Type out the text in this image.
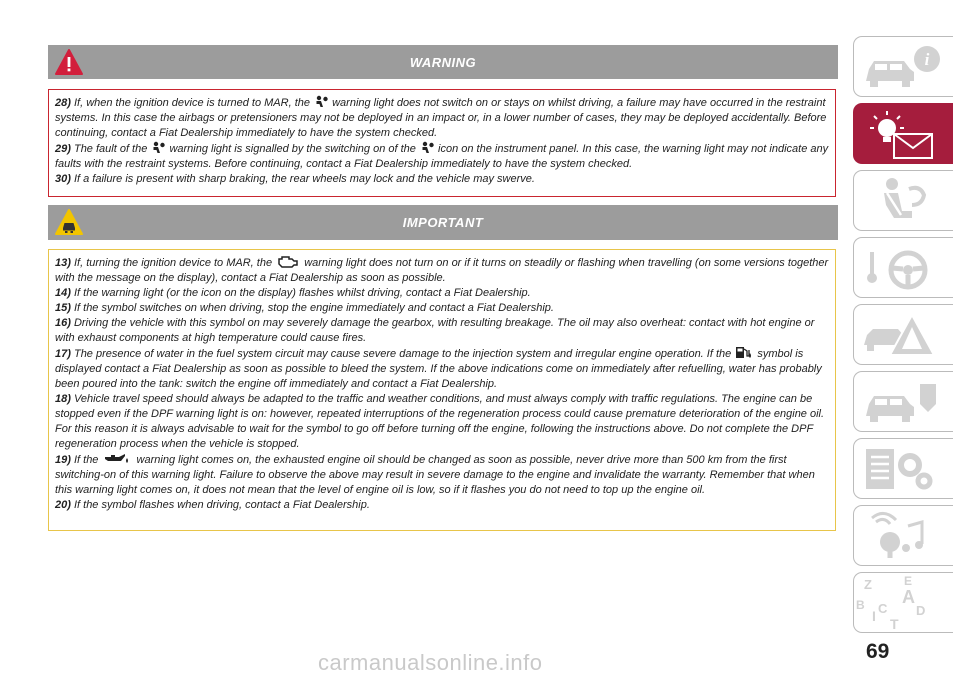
WARNING

28) If, when the ignition device is turned to MAR, the  warning light does not switch on or stays on whilst driving, a failure may have occurred in the restraint systems. In this case the airbags or pretensioners may not be deployed in an impact or, in a lower number of cases, they may be deployed accidentally. Before continuing, contact a Fiat Dealership immediately to have the system checked.

29) The fault of the  warning light is signalled by the switching on of the  icon on the instrument panel. In this case, the warning light may not indicate any faults with the restraint systems. Before continuing, contact a Fiat Dealership immediately to have the system checked.

30) If a failure is present with sharp braking, the rear wheels may lock and the vehicle may swerve.

IMPORTANT

13) If, turning the ignition device to MAR, the  warning light does not turn on or if it turns on steadily or flashing when travelling (on some versions together with the message on the display), contact a Fiat Dealership as soon as possible.

14) If the warning light (or the icon on the display) flashes whilst driving, contact a Fiat Dealership.

15) If the symbol switches on when driving, stop the engine immediately and contact a Fiat Dealership.

16) Driving the vehicle with this symbol on may severely damage the gearbox, with resulting breakage. The oil may also overheat: contact with hot engine or with exhaust components at high temperature could cause fires.

17) The presence of water in the fuel system circuit may cause severe damage to the injection system and irregular engine operation. If the  symbol is displayed contact a Fiat Dealership as soon as possible to bleed the system. If the above indications come on immediately after refuelling, water has probably been poured into the tank: switch the engine off immediately and contact a Fiat Dealership.

18) Vehicle travel speed should always be adapted to the traffic and weather conditions, and must always comply with traffic regulations. The engine can be stopped even if the DPF warning light is on: however, repeated interruptions of the regeneration process could cause premature deterioration of the engine oil. For this reason it is always advisable to wait for the symbol to go off before turning off the engine, following the instructions above. Do not complete the DPF regeneration process when the vehicle is stopped.

19) If the	warning light comes on, the exhausted engine oil should be changed as soon as possible, never drive more than 500 km from the first switching-on of this warning light. Failure to observe the above may result in severe damage to the engine and invalidate the warranty. Remember that when this warning light comes on, it does not mean that the level of engine oil is low, so if it flashes you do not need to top up the engine oil.

20) If the symbol flashes when driving, contact a Fiat Dealership.

i
Z	E
A
B
I C D
T
69
carmanualsonline.info
